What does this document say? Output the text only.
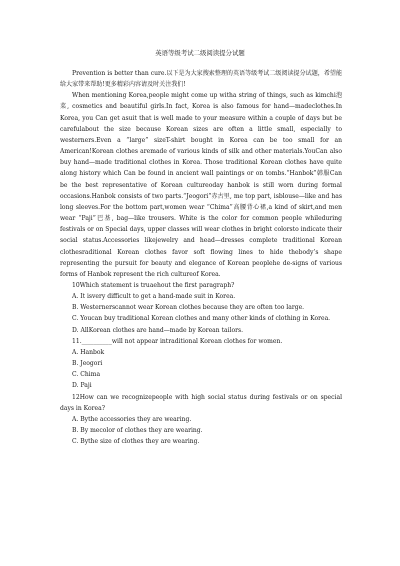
英语等级考试二级阅读提分试题

Prevention is better than cure.以下是为大家搜索整理的英语等级考试二级阅读提分试题，希望能给大家带来帮助!更多精彩内容请及时关注我们!

When mentioning Korea,people might come up witha string of things, such as kimchi泡菜, cosmetics and beautiful girls.In fact, Korea is also famous for hand—madeclothes.In Korea, you Can get asuit that is well made to your measure within a couple of days but be carefulabout the size because Korean sizes are often a little small, especially to westerners.Even a “large” sizeT-shirt bought in Korea can be too small for an American!Korean clothes aremade of various kinds of silk and other materials.YouCan also buy hand—made traditional clothes in Korea. Those traditional Korean clothes have quite along history which Can be found in ancient wall paintings or on tombs.“Hanbok”韩服Can be the best representative of Korean cultureoday hanbok is still worn during formal occasions.Hanbok consists of two parts.“Jeogori”赤古里, me top part, isblouse—like and has long sleeves.For the bottom part,women wear “Chima”高腰背心裙,a kind of skirt,and men wear “Paji”巴基, bag—like trousers. White is the color for common people whileduring festivals or on Special days, upper classes will wear clothes in bright colorsto indicate their social status.Accessories likejewelry and head—dresses complete traditional Korean clothesraditional Korean clothes favor soft flowing lines to hide thebody’s shape representing the pursuit for beauty and elegance of Korean peoplehe de-signs of various forms of Hanbok represent the rich cultureof Korea.

10Which statement is truaehout the first paragraph?

A. It isvery difficult to get a hand-made suit in Korea.

B. Westernerscannot wear Korean clothes because they are often too large.

C. Youcan buy traditional Korean clothes and many other kinds of clothing in Korea.

D. AllKorean clothes are hand—made by Korean tailors.

11.__________will not appear intraditional Korean clothes for women.

A. Hanbok

B. Jeogori

C. Chima

D. Paji

12How can we recognizepeople with high social status during festivals or on special days in Korea?

A. Bythe accessories they are wearing.

B. By mecolor of clothes they are wearing.

C. Bythe size of clothes they are wearing.
